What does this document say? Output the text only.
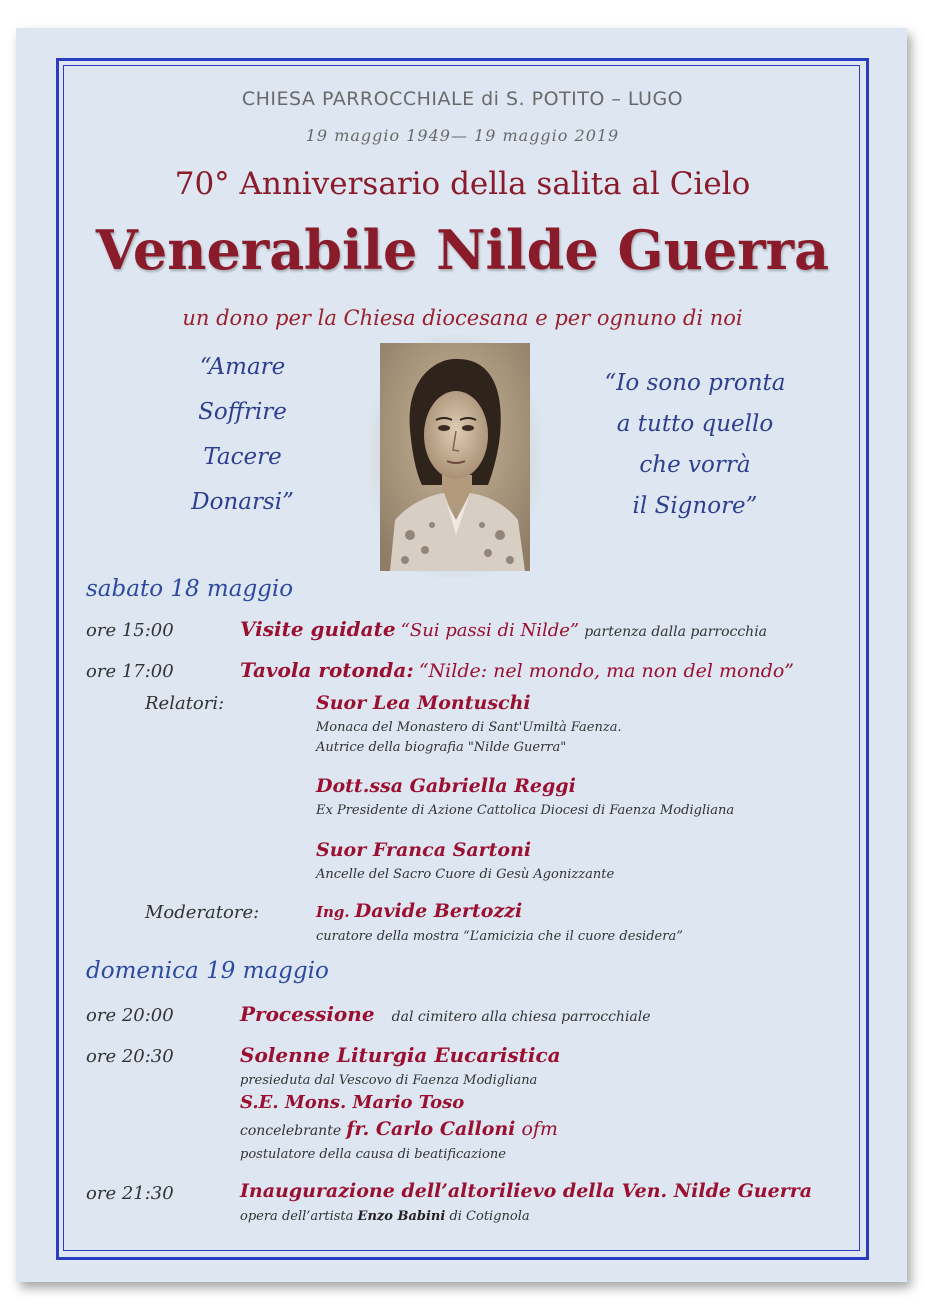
CHIESA PARROCCHIALE di S. POTITO – LUGO
19 maggio 1949— 19 maggio 2019
70° Anniversario della salita al Cielo
Venerabile Nilde Guerra
un dono per la Chiesa diocesana e per ognuno di noi
“Amare
Soffrire
Tacere
Donarsi”
“Io sono pronta
a tutto quello
che vorrà
il Signore”
sabato 18 maggio
ore 15:00	Visite guidate “Sui passi di Nilde” partenza dalla parrocchia
ore 17:00	Tavola rotonda: “Nilde: nel mondo, ma non del mondo”
Relatori:	Suor Lea Montuschi
Monaca del Monastero di Sant'Umiltà Faenza.
Autrice della biografia "Nilde Guerra"
Dott.ssa Gabriella Reggi
Ex Presidente di Azione Cattolica Diocesi di Faenza Modigliana
Suor Franca Sartoni
Ancelle del Sacro Cuore di Gesù Agonizzante
Moderatore:	Ing. Davide Bertozzi
curatore della mostra “L’amicizia che il cuore desidera”
domenica 19 maggio
ore 20:00	Processione dal cimitero alla chiesa parrocchiale
ore 20:30	Solenne Liturgia Eucaristica
presieduta dal Vescovo di Faenza Modigliana
S.E. Mons. Mario Toso
concelebrante fr. Carlo Calloni ofm
postulatore della causa di beatificazione
ore 21:30	Inaugurazione dell’altorilievo della Ven. Nilde Guerra
opera dell’artista Enzo Babini di Cotignola
